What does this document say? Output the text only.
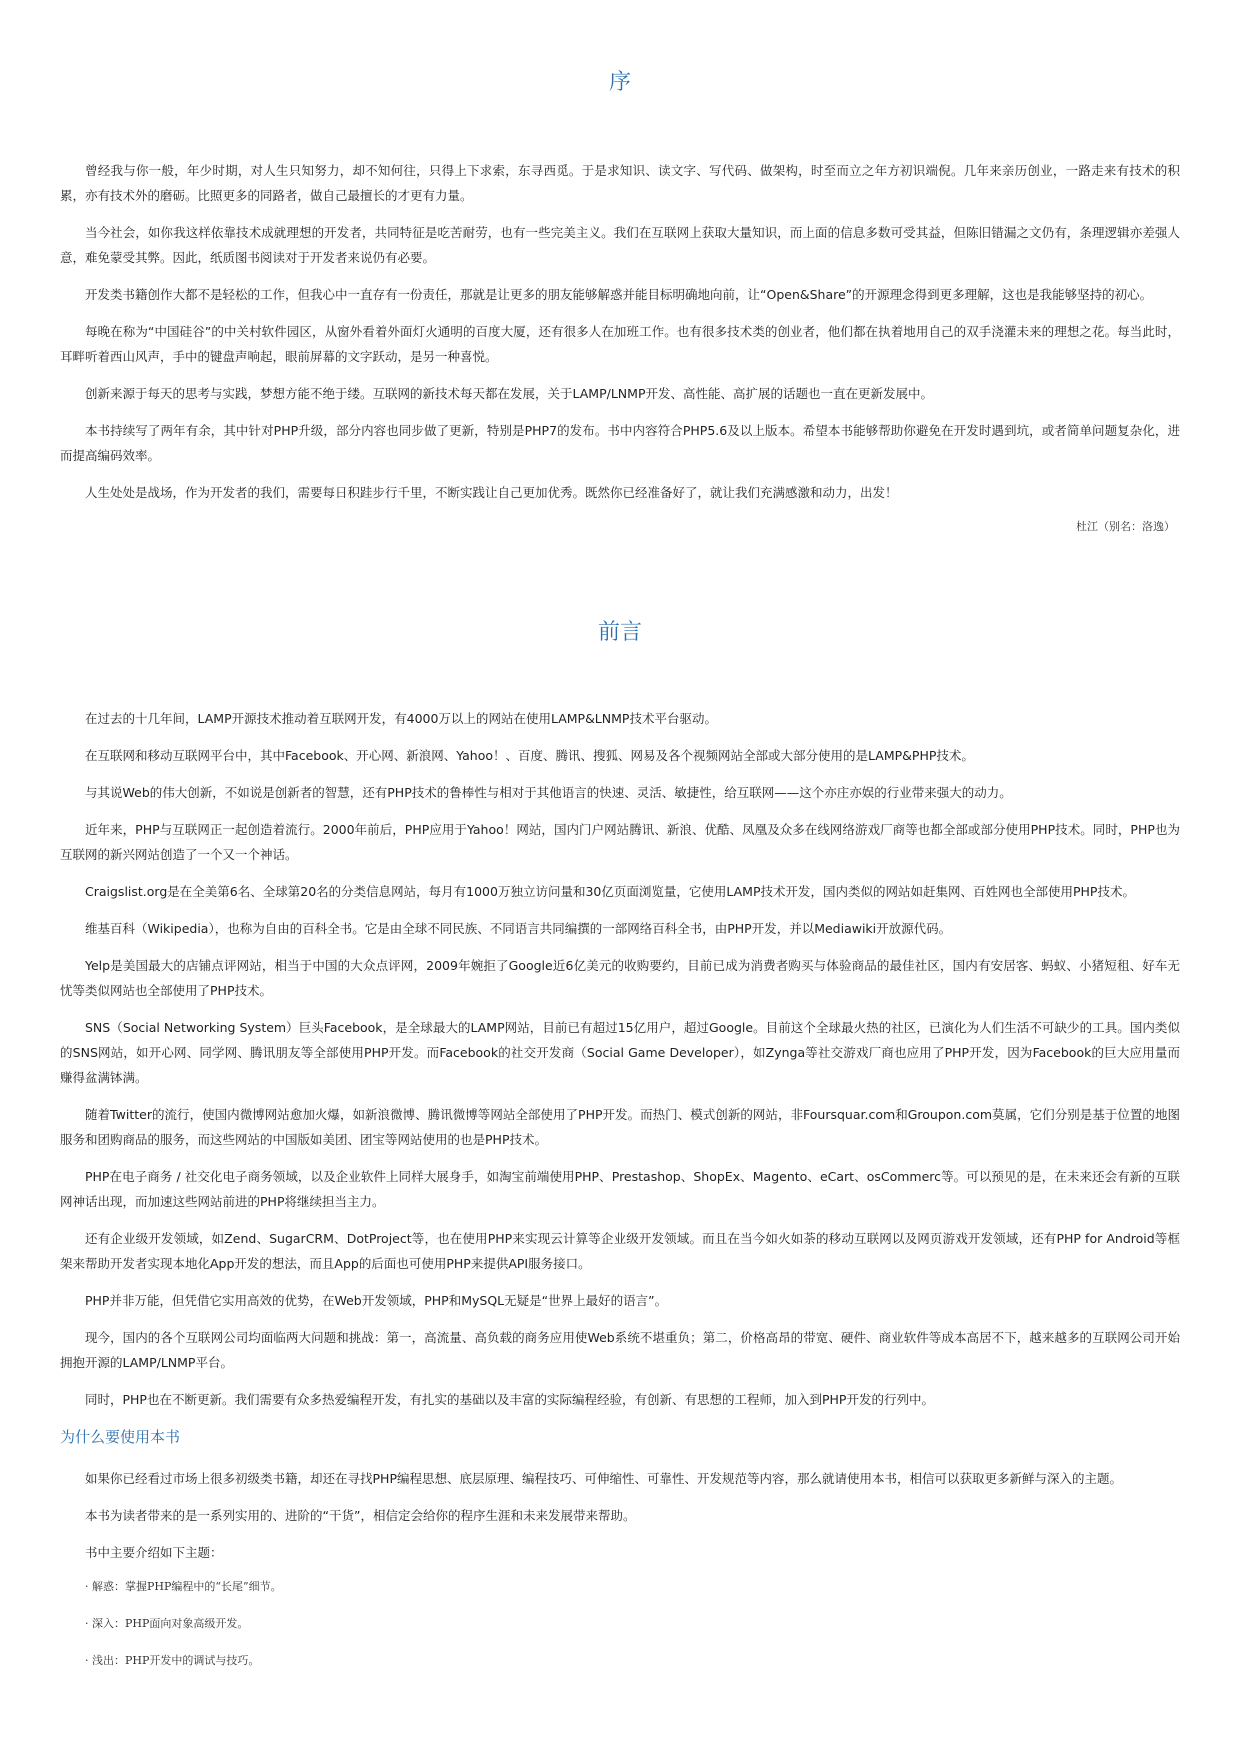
序

曾经我与你一般，年少时期，对人生只知努力，却不知何往，只得上下求索，东寻西觅。于是求知识、读文字、写代码、做架构，时至而立之年方初识端倪。几年来亲历创业，一路走来有技术的积累，亦有技术外的磨砺。比照更多的同路者，做自己最擅长的才更有力量。

当今社会，如你我这样依靠技术成就理想的开发者，共同特征是吃苦耐劳，也有一些完美主义。我们在互联网上获取大量知识，而上面的信息多数可受其益，但陈旧错漏之文仍有，条理逻辑亦差强人意，难免蒙受其弊。因此，纸质图书阅读对于开发者来说仍有必要。

开发类书籍创作大都不是轻松的工作，但我心中一直存有一份责任，那就是让更多的朋友能够解惑并能目标明确地向前，让“Open&Share”的开源理念得到更多理解，这也是我能够坚持的初心。

每晚在称为“中国硅谷”的中关村软件园区，从窗外看着外面灯火通明的百度大厦，还有很多人在加班工作。也有很多技术类的创业者，他们都在执着地用自己的双手浇灌未来的理想之花。每当此时，耳畔听着西山风声，手中的键盘声响起，眼前屏幕的文字跃动，是另一种喜悦。

创新来源于每天的思考与实践，梦想方能不绝于缕。互联网的新技术每天都在发展，关于LAMP/LNMP开发、高性能、高扩展的话题也一直在更新发展中。

本书持续写了两年有余，其中针对PHP升级，部分内容也同步做了更新，特别是PHP7的发布。书中内容符合PHP5.6及以上版本。希望本书能够帮助你避免在开发时遇到坑，或者简单问题复杂化，进而提高编码效率。

人生处处是战场，作为开发者的我们，需要每日积跬步行千里，不断实践让自己更加优秀。既然你已经准备好了，就让我们充满感激和动力，出发！

杜江（别名：洛逸）

前言

在过去的十几年间，LAMP开源技术推动着互联网开发，有4000万以上的网站在使用LAMP&LNMP技术平台驱动。

在互联网和移动互联网平台中，其中Facebook、开心网、新浪网、Yahoo！、百度、腾讯、搜狐、网易及各个视频网站全部或大部分使用的是LAMP&PHP技术。

与其说Web的伟大创新，不如说是创新者的智慧，还有PHP技术的鲁棒性与相对于其他语言的快速、灵活、敏捷性，给互联网——这个亦庄亦娱的行业带来强大的动力。

近年来，PHP与互联网正一起创造着流行。2000年前后，PHP应用于Yahoo！网站，国内门户网站腾讯、新浪、优酷、凤凰及众多在线网络游戏厂商等也都全部或部分使用PHP技术。同时，PHP也为互联网的新兴网站创造了一个又一个神话。

Craigslist.org是在全美第6名、全球第20名的分类信息网站，每月有1000万独立访问量和30亿页面浏览量，它使用LAMP技术开发，国内类似的网站如赶集网、百姓网也全部使用PHP技术。

维基百科（Wikipedia），也称为自由的百科全书。它是由全球不同民族、不同语言共同编撰的一部网络百科全书，由PHP开发，并以Mediawiki开放源代码。

Yelp是美国最大的店铺点评网站，相当于中国的大众点评网，2009年婉拒了Google近6亿美元的收购要约，目前已成为消费者购买与体验商品的最佳社区，国内有安居客、蚂蚁、小猪短租、好车无忧等类似网站也全部使用了PHP技术。

SNS（Social Networking System）巨头Facebook，是全球最大的LAMP网站，目前已有超过15亿用户，超过Google。目前这个全球最火热的社区，已演化为人们生活不可缺少的工具。国内类似的SNS网站，如开心网、同学网、腾讯朋友等全部使用PHP开发。而Facebook的社交开发商（Social Game Developer），如Zynga等社交游戏厂商也应用了PHP开发，因为Facebook的巨大应用量而赚得盆满钵满。

随着Twitter的流行，使国内微博网站愈加火爆，如新浪微博、腾讯微博等网站全部使用了PHP开发。而热门、模式创新的网站，非Foursquar.com和Groupon.com莫属，它们分别是基于位置的地图服务和团购商品的服务，而这些网站的中国版如美团、团宝等网站使用的也是PHP技术。

PHP在电子商务 / 社交化电子商务领域，以及企业软件上同样大展身手，如淘宝前端使用PHP、Prestashop、ShopEx、Magento、eCart、osCommerc等。可以预见的是，在未来还会有新的互联网神话出现，而加速这些网站前进的PHP将继续担当主力。

还有企业级开发领域，如Zend、SugarCRM、DotProject等，也在使用PHP来实现云计算等企业级开发领域。而且在当今如火如荼的移动互联网以及网页游戏开发领域，还有PHP for Android等框架来帮助开发者实现本地化App开发的想法，而且App的后面也可使用PHP来提供API服务接口。

PHP并非万能，但凭借它实用高效的优势，在Web开发领域，PHP和MySQL无疑是“世界上最好的语言”。

现今，国内的各个互联网公司均面临两大问题和挑战：第一，高流量、高负载的商务应用使Web系统不堪重负；第二，价格高昂的带宽、硬件、商业软件等成本高居不下，越来越多的互联网公司开始拥抱开源的LAMP/LNMP平台。

同时，PHP也在不断更新。我们需要有众多热爱编程开发，有扎实的基础以及丰富的实际编程经验，有创新、有思想的工程师，加入到PHP开发的行列中。

为什么要使用本书

如果你已经看过市场上很多初级类书籍，却还在寻找PHP编程思想、底层原理、编程技巧、可伸缩性、可靠性、开发规范等内容，那么就请使用本书，相信可以获取更多新鲜与深入的主题。

本书为读者带来的是一系列实用的、进阶的“干货”，相信定会给你的程序生涯和未来发展带来帮助。

书中主要介绍如下主题：

· 解惑：掌握PHP编程中的“长尾”细节。

· 深入：PHP面向对象高级开发。

· 浅出：PHP开发中的调试与技巧。
